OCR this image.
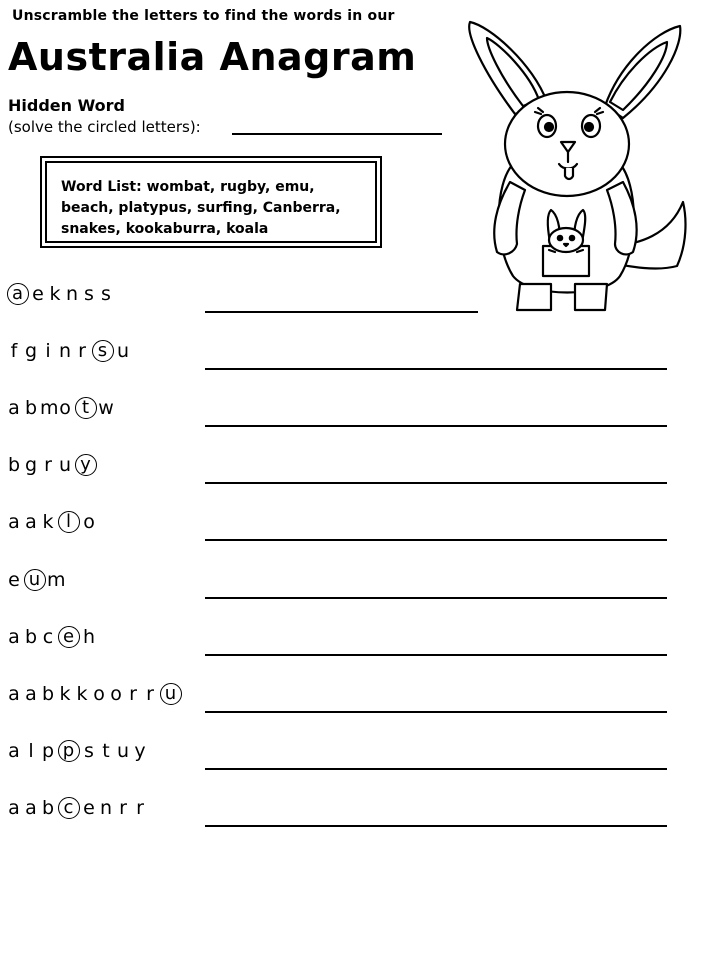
Unscramble the letters to find the words in our
Australia Anagram
Hidden Word
(solve the circled letters):
Word List: wombat, rugby, emu,
beach, platypus, surfing, Canberra,
snakes, kookaburra, koala
a e k n s s
f g i n r s u
a b m o t w
b g r u y
a a k l o
e u m
a b c e h
a a b k k o o r r u
a l p p s t u y
a a b c e n r r
